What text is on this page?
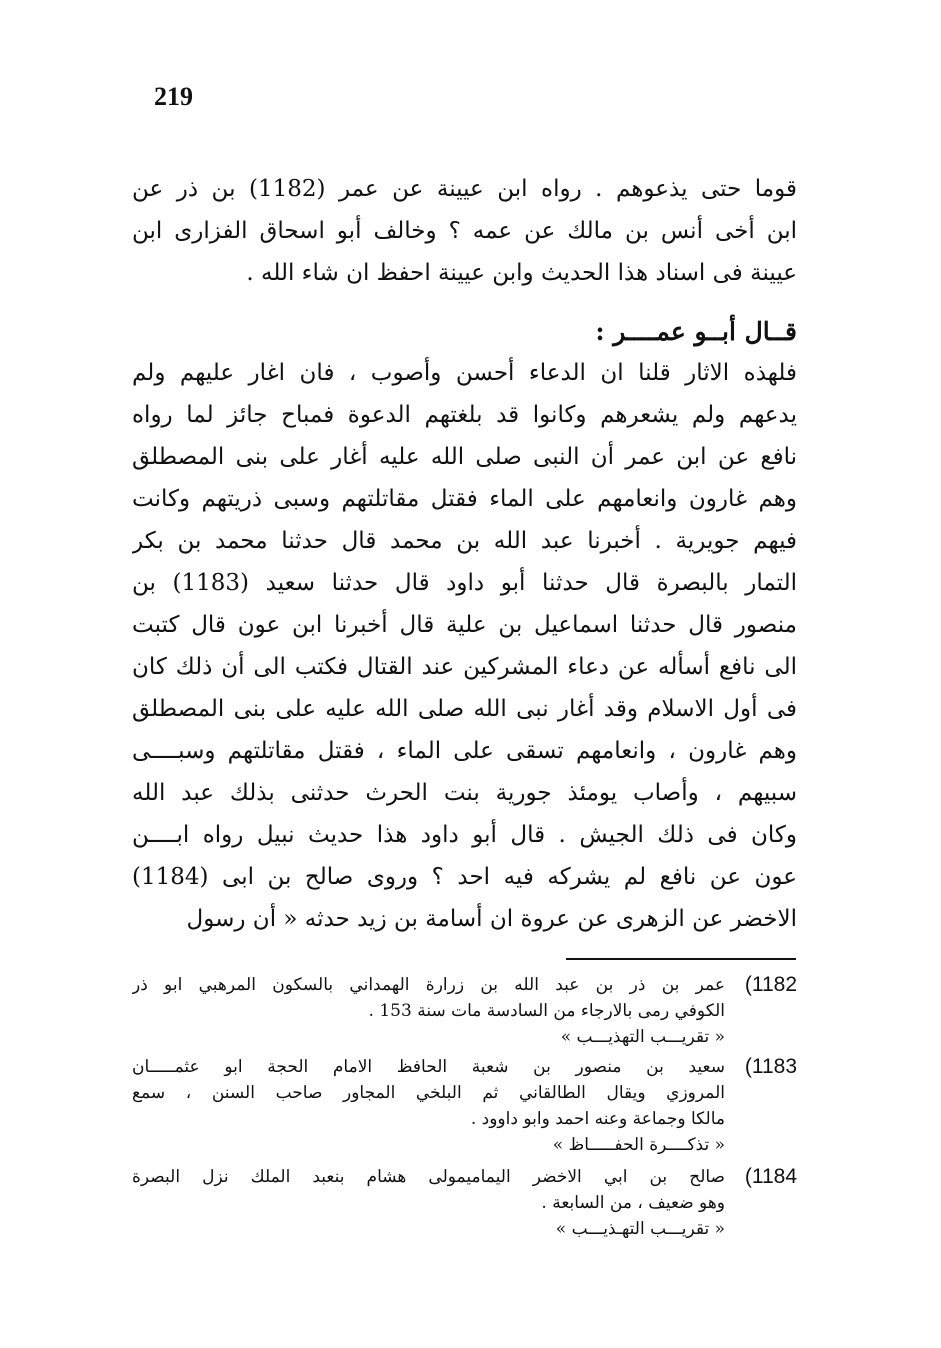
219
قوما حتى يذعوهم . رواه ابن عيينة عن عمر (1182) بن ذر عن
ابن أخى أنس بن مالك عن عمه ؟ وخالف أبو اسحاق الفزارى ابن
عيينة فى اسناد هذا الحديث وابن عيينة احفظ ان شاء الله .
قــال أبــو عمــــر :
فلهذه الاثار قلنا ان الدعاء أحسن وأصوب ، فان اغار عليهم ولم
يدعهم ولم يشعرهم وكانوا قد بلغتهم الدعوة فمباح جائز لما رواه
نافع عن ابن عمر أن النبى صلى الله عليه أغار على بنى المصطلق
وهم غارون وانعامهم على الماء فقتل مقاتلتهم وسبى ذريتهم وكانت
فيهم جويرية . أخبرنا عبد الله بن محمد قال حدثنا محمد بن بكر
التمار بالبصرة قال حدثنا أبو داود قال حدثنا سعيد (1183) بن
منصور قال حدثنا اسماعيل بن علية قال أخبرنا ابن عون قال كتبت
الى نافع أسأله عن دعاء المشركين عند القتال فكتب الى أن ذلك كان
فى أول الاسلام وقد أغار نبى الله صلى الله عليه على بنى المصطلق
وهم غارون ، وانعامهم تسقى على الماء ، فقتل مقاتلتهم وسبــــى
سبيهم ، وأصاب يومئذ جورية بنت الحرث حدثنى بذلك عبد الله
وكان فى ذلك الجيش . قال أبو داود هذا حديث نبيل رواه ابــــن
عون عن نافع لم يشركه فيه احد ؟ وروى صالح بن ابى (1184)
الاخضر عن الزهرى عن عروة ان أسامة بن زيد حدثه « أن رسول
(1182
عمر بن ذر بن عبد الله بن زرارة الهمداني بالسكون المرهبي ابو ذر
الكوفي رمى بالارجاء من السادسة مات سنة 153 .
« تقريـــب التهذيـــب »
(1183
سعيد بن منصور بن شعبة الحافظ الامام الحجة ابو عثمـــــان
المروزي ويقال الطالقاني ثم البلخي المجاور صاحب السنن ، سمع
مالكا وجماعة وعنه احمد وابو داوود .
« تذكــــرة الحفـــــاظ »
(1184
صالح بن ابي الاخضر اليماميمولى هشام بنعبد الملك نزل البصرة
وهو ضعيف ، من السابعة .
« تقريـــب التهـذيـــب »
